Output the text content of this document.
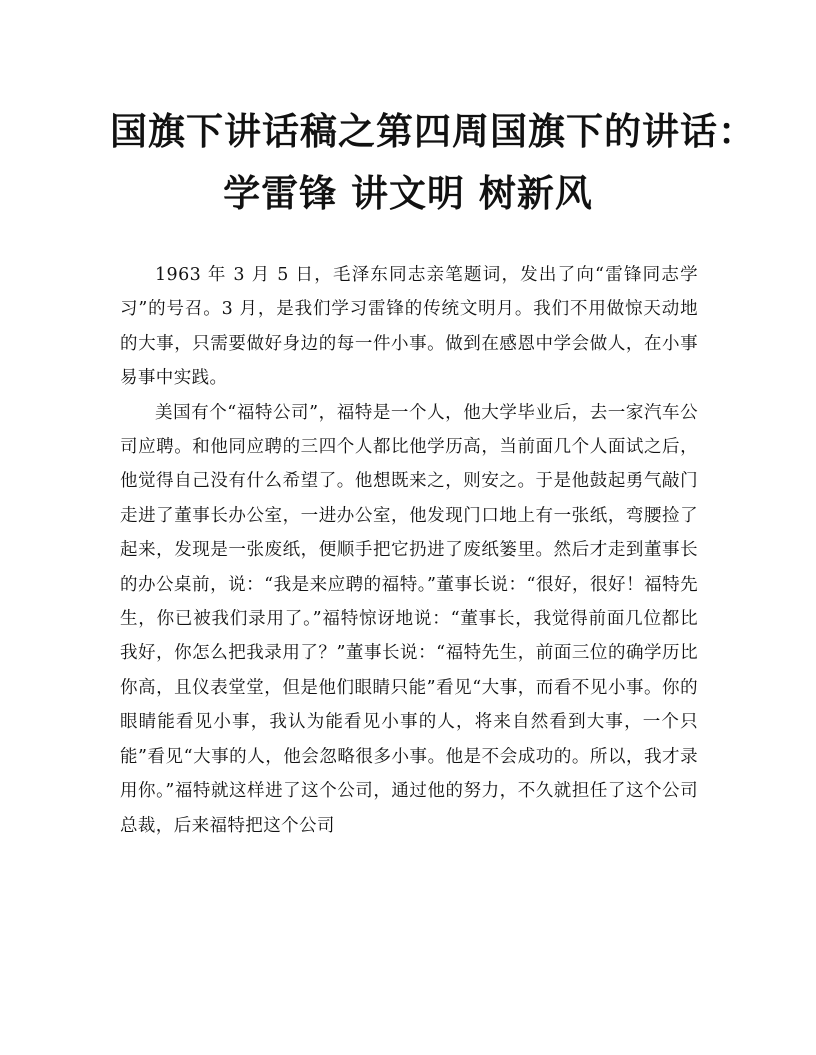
国旗下讲话稿之第四周国旗下的讲话：
学雷锋 讲文明 树新风

1963 年 3 月 5 日，毛泽东同志亲笔题词，发出了向“雷锋同志学习”的号召。3 月，是我们学习雷锋的传统文明月。我们不用做惊天动地的大事，只需要做好身边的每一件小事。做到在感恩中学会做人，在小事易事中实践。

美国有个“福特公司”，福特是一个人，他大学毕业后，去一家汽车公司应聘。和他同应聘的三四个人都比他学历高，当前面几个人面试之后，他觉得自己没有什么希望了。他想既来之，则安之。于是他鼓起勇气敲门走进了董事长办公室，一进办公室，他发现门口地上有一张纸，弯腰捡了起来，发现是一张废纸，便顺手把它扔进了废纸篓里。然后才走到董事长的办公桌前，说：“我是来应聘的福特。”董事长说：“很好，很好！福特先生，你已被我们录用了。”福特惊讶地说：“董事长，我觉得前面几位都比我好，你怎么把我录用了？”董事长说：“福特先生，前面三位的确学历比你高，且仪表堂堂，但是他们眼睛只能”看见“大事，而看不见小事。你的眼睛能看见小事，我认为能看见小事的人，将来自然看到大事，一个只能”看见“大事的人，他会忽略很多小事。他是不会成功的。所以，我才录用你。”福特就这样进了这个公司，通过他的努力，不久就担任了这个公司总裁，后来福特把这个公司
